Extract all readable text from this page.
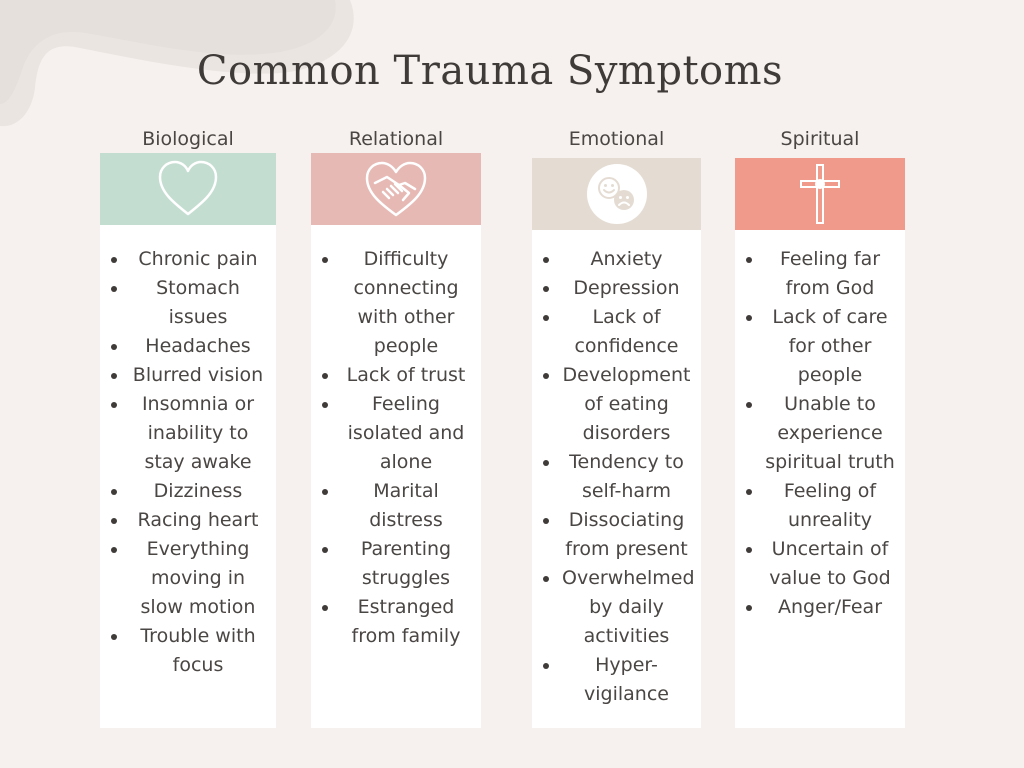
Common Trauma Symptoms
Biological
Chronic pain
Stomach issues
Headaches
Blurred vision
Insomnia or inability to stay awake
Dizziness
Racing heart
Everything moving in slow motion
Trouble with focus
Relational
Difficulty connecting with other people
Lack of trust
Feeling isolated and alone
Marital distress
Parenting struggles
Estranged from family
Emotional
Anxiety
Depression
Lack of confidence
Development of eating disorders
Tendency to self-harm
Dissociating from present
Overwhelmed by daily activities
Hyper-vigilance
Spiritual
Feeling far from God
Lack of care for other people
Unable to experience spiritual truth
Feeling of unreality
Uncertain of value to God
Anger/Fear
